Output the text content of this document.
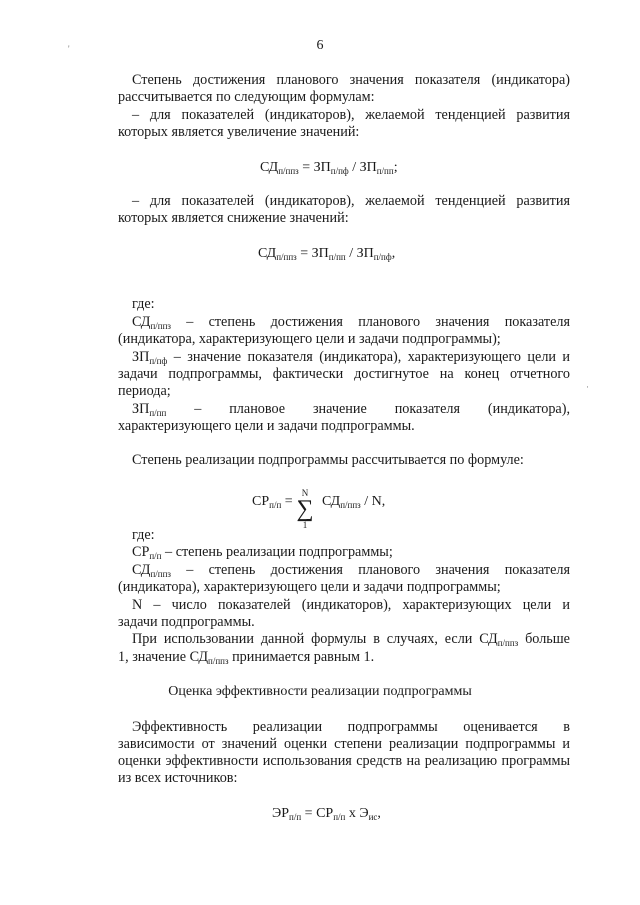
'
·
6
Степень достижения планового значения показателя (индикатора)
рассчитывается по следующим формулам:
– для показателей (индикаторов), желаемой тенденцией развития
которых является увеличение значений:
$СД_{п/ппз} = ЗП_{п/пф} / ЗП_{п/пп}$;
– для показателей (индикаторов), желаемой тенденцией развития
которых является снижение значений:
$СД_{п/ппз} = ЗП_{п/пп} / ЗП_{п/пф}$,
где:
$СД_{п/ппз}$ – степень достижения планового значения показателя
(индикатора, характеризующего цели и задачи подпрограммы);
$ЗП_{п/пф}$ – значение показателя (индикатора), характеризующего цели и
задачи подпрограммы, фактически достигнутое на конец отчетного
периода;
$ЗП_{п/пп}$ – плановое значение показателя (индикатора),
характеризующего цели и задачи подпрограммы.
Степень реализации подпрограммы рассчитывается по формуле:
$СР_{п/п}$ =
N
∑
1
$СД_{п/ппз}$ / N,
где:
$СР_{п/п}$ – степень реализации подпрограммы;
$СД_{п/ппз}$ – степень достижения планового значения показателя
(индикатора), характеризующего цели и задачи подпрограммы;
N – число показателей (индикаторов), характеризующих цели и
задачи подпрограммы.
При использовании данной формулы в случаях, если $СД_{п/ппз}$ больше
1, значение $СД_{п/ппз}$ принимается равным 1.
Оценка эффективности реализации подпрограммы
Эффективность реализации подпрограммы оценивается в
зависимости от значений оценки степени реализации подпрограммы и
оценки эффективности использования средств на реализацию программы
из всех источников:
$ЭР_{п/п} = СР_{п/п}$ х $Э_{ис}$,
